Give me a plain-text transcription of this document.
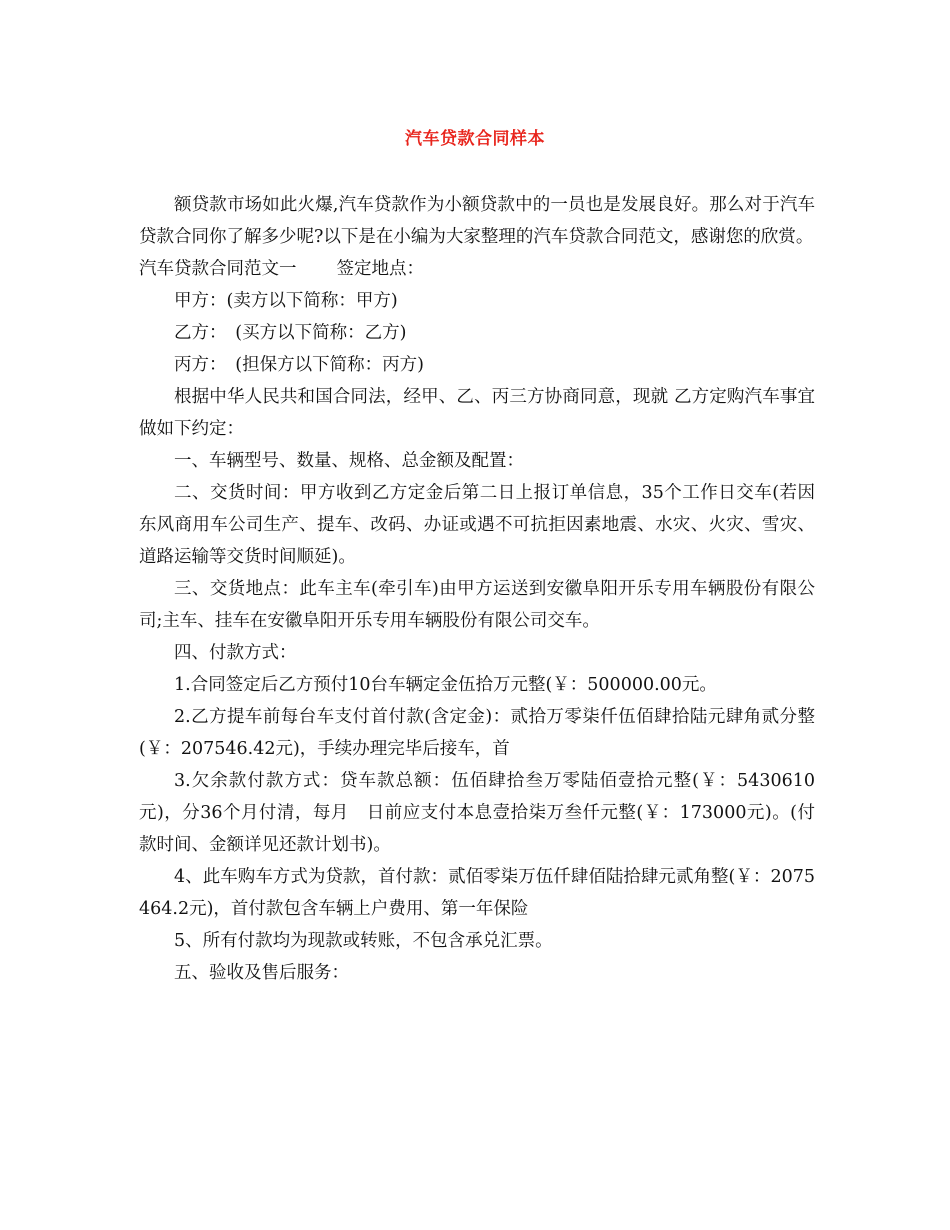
汽车贷款合同样本

额贷款市场如此火爆,汽车贷款作为小额贷款中的一员也是发展良好。那么对于汽车贷款合同你了解多少呢?以下是在小编为大家整理的汽车贷款合同范文，感谢您的欣赏。

汽车贷款合同范文一 签定地点：

甲方：(卖方以下简称：甲方)

乙方：　(买方以下简称：乙方)

丙方：　(担保方以下简称：丙方)

根据中华人民共和国合同法，经甲、乙、丙三方协商同意，现就 乙方定购汽车事宜做如下约定：

一、车辆型号、数量、规格、总金额及配置：

二、交货时间：甲方收到乙方定金后第二日上报订单信息，35个工作日交车(若因东风商用车公司生产、提车、改码、办证或遇不可抗拒因素地震、水灾、火灾、雪灾、道路运输等交货时间顺延)。

三、交货地点：此车主车(牵引车)由甲方运送到安徽阜阳开乐专用车辆股份有限公司;主车、挂车在安徽阜阳开乐专用车辆股份有限公司交车。

四、付款方式：

1.合同签定后乙方预付10台车辆定金伍拾万元整(￥：500000.00元。

2.乙方提车前每台车支付首付款(含定金)：贰拾万零柒仟伍佰肆拾陆元肆角贰分整(￥：207546.42元)，手续办理完毕后接车，首

3.欠余款付款方式：贷车款总额：伍佰肆拾叁万零陆佰壹拾元整(￥：5430610元)，分36个月付清，每月　日前应支付本息壹拾柒万叁仟元整(￥：173000元)。(付款时间、金额详见还款计划书)。

4、此车购车方式为贷款，首付款：贰佰零柒万伍仟肆佰陆拾肆元贰角整(￥：2075464.2元)，首付款包含车辆上户费用、第一年保险

5、所有付款均为现款或转账，不包含承兑汇票。

五、验收及售后服务：
